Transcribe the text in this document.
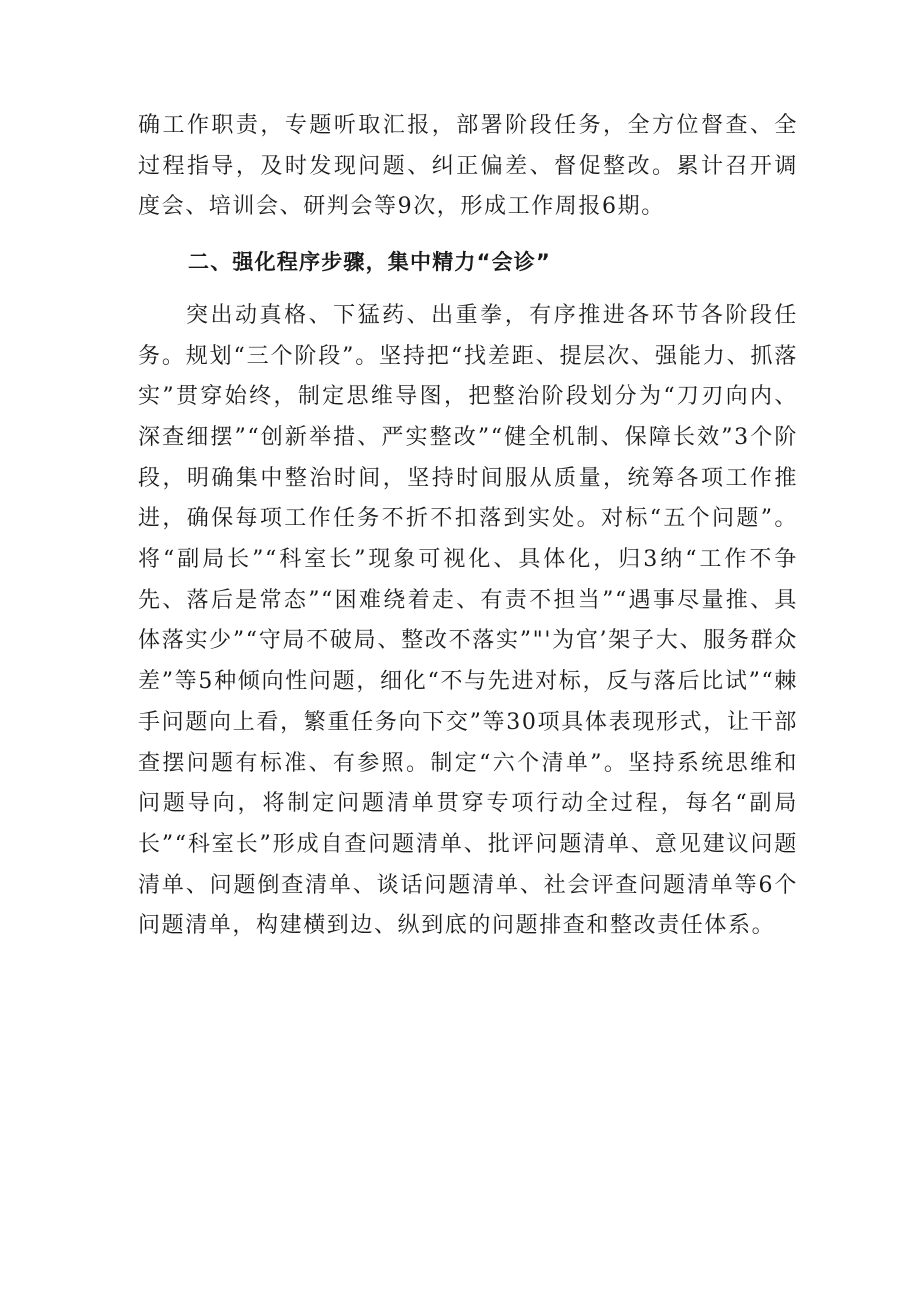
确工作职责，专题听取汇报，部署阶段任务，全方位督查、全过程指导，及时发现问题、纠正偏差、督促整改。累计召开调度会、培训会、研判会等9次，形成工作周报6期。

二、强化程序步骤，集中精力“会诊”

突出动真格、下猛药、出重拳，有序推进各环节各阶段任务。规划“三个阶段”。坚持把“找差距、提层次、强能力、抓落实”贯穿始终，制定思维导图，把整治阶段划分为“刀刃向内、深查细摆”“创新举措、严实整改”“健全机制、保障长效”3个阶段，明确集中整治时间，坚持时间服从质量，统筹各项工作推进，确保每项工作任务不折不扣落到实处。对标“五个问题”。将“副局长”“科室长”现象可视化、具体化，归3纳“工作不争先、落后是常态”“困难绕着走、有责不担当”“遇事尽量推、具体落实少”“守局不破局、整改不落实”"'为官’架子大、服务群众差”等5种倾向性问题，细化“不与先进对标，反与落后比试”“棘手问题向上看，繁重任务向下交”等30项具体表现形式，让干部查摆问题有标准、有参照。制定“六个清单”。坚持系统思维和问题导向，将制定问题清单贯穿专项行动全过程，每名“副局长”“科室长”形成自查问题清单、批评问题清单、意见建议问题清单、问题倒查清单、谈话问题清单、社会评查问题清单等6个问题清单，构建横到边、纵到底的问题排查和整改责任体系。
